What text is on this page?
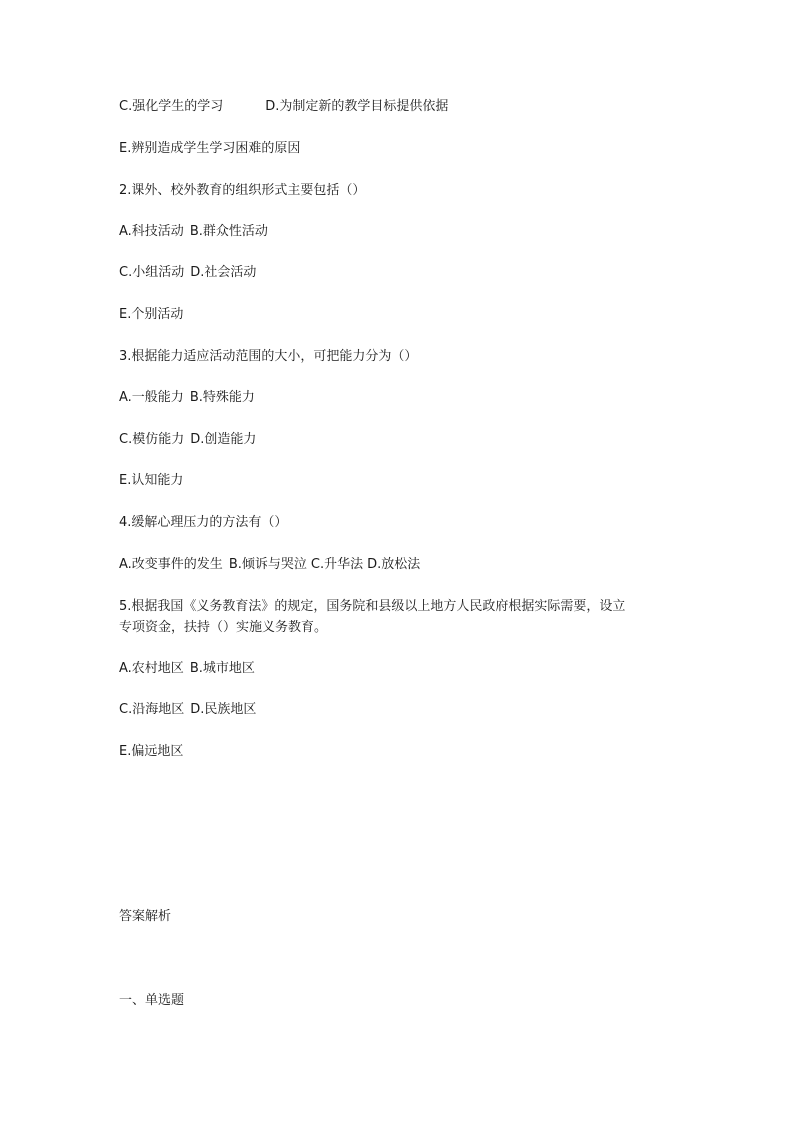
C.强化学生的学习	D.为制定新的教学目标提供依据
E.辨别造成学生学习困难的原因
2.课外、校外教育的组织形式主要包括（）
A.科技活动 B.群众性活动
C.小组活动 D.社会活动
E.个别活动
3.根据能力适应活动范围的大小，可把能力分为（）
A.一般能力 B.特殊能力
C.模仿能力 D.创造能力
E.认知能力
4.缓解心理压力的方法有（）
A.改变事件的发生 B.倾诉与哭泣 C.升华法 D.放松法
5.根据我国《义务教育法》的规定，国务院和县级以上地方人民政府根据实际需要，设立
专项资金，扶持（）实施义务教育。
A.农村地区 B.城市地区
C.沿海地区 D.民族地区
E.偏远地区
答案解析
一、单选题
